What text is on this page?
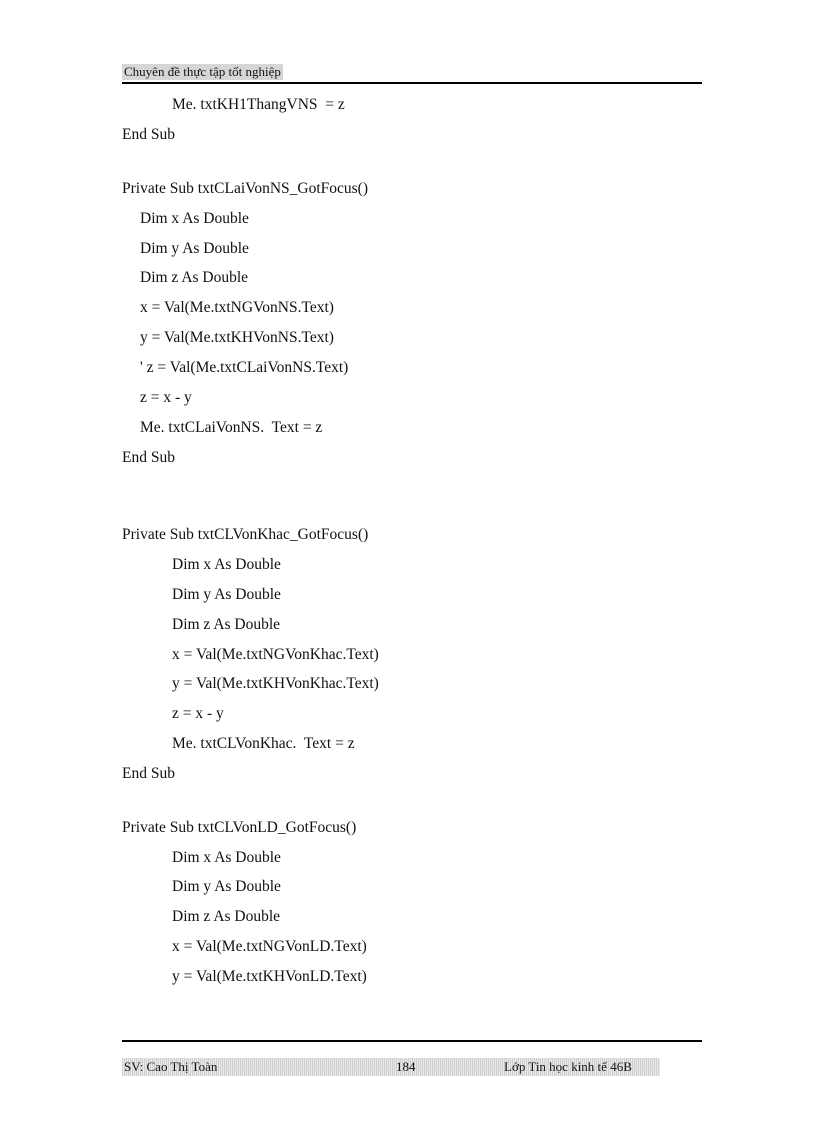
Chuyên đề thực tập tốt nghiệp
Me. txtKH1ThangVNS  = z
End Sub
Private Sub txtCLaiVonNS_GotFocus()
Dim x As Double
Dim y As Double
Dim z As Double
x = Val(Me.txtNGVonNS.Text)
y = Val(Me.txtKHVonNS.Text)
' z = Val(Me.txtCLaiVonNS.Text)
z = x - y
Me. txtCLaiVonNS.  Text = z
End Sub
Private Sub txtCLVonKhac_GotFocus()
Dim x As Double
Dim y As Double
Dim z As Double
x = Val(Me.txtNGVonKhac.Text)
y = Val(Me.txtKHVonKhac.Text)
z = x - y
Me. txtCLVonKhac.  Text = z
End Sub
Private Sub txtCLVonLD_GotFocus()
Dim x As Double
Dim y As Double
Dim z As Double
x = Val(Me.txtNGVonLD.Text)
y = Val(Me.txtKHVonLD.Text)
SV: Cao Thị Toàn	184	Lớp Tin học kinh tế 46B
